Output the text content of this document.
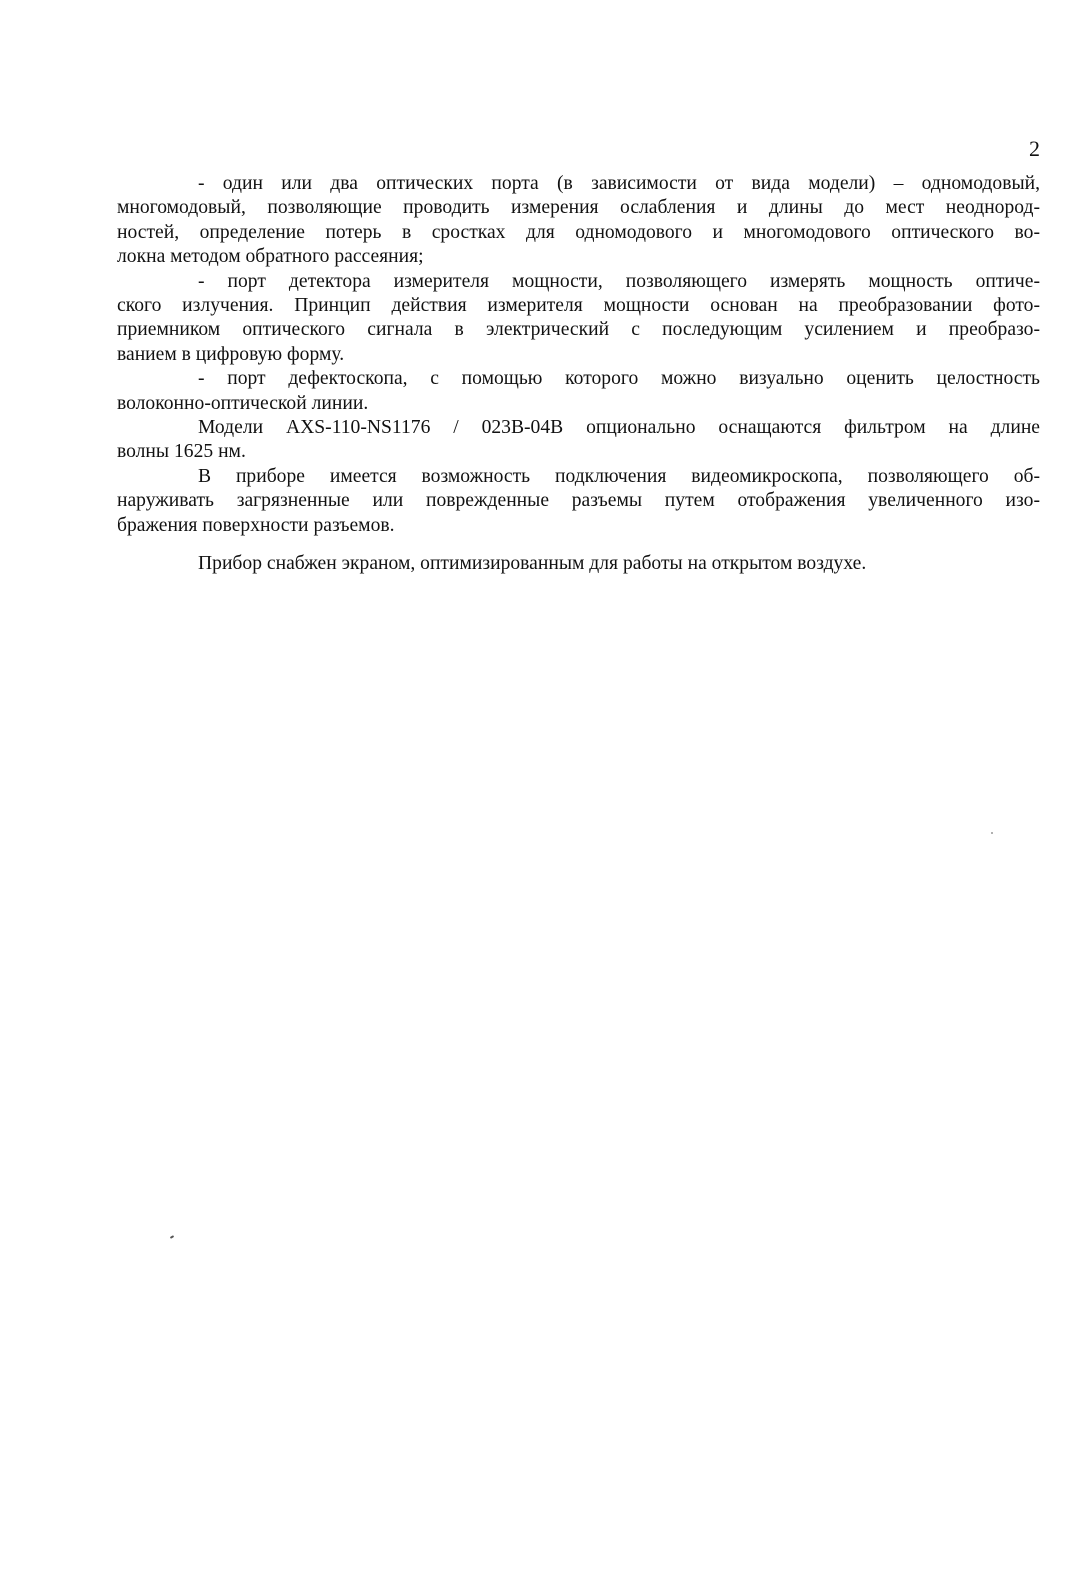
2
- один или два оптических порта (в зависимости от вида модели) – одномодовый,
многомодовый, позволяющие проводить измерения ослабления и длины до мест неоднород-
ностей, определение потерь в сростках для одномодового и многомодового оптического во-
локна методом обратного рассеяния;
- порт детектора измерителя мощности, позволяющего измерять мощность оптиче-
ского излучения. Принцип действия измерителя мощности основан на преобразовании фото-
приемником оптического сигнала в электрический с последующим усилением и преобразо-
ванием в цифровую форму.
- порт дефектоскопа, с помощью которого можно визуально оценить целостность
волоконно-оптической линии.
Модели AXS-110-NS1176 / 023B-04B опционально оснащаются фильтром на длине
волны 1625 нм.
В приборе имеется возможность подключения видеомикроскопа, позволяющего об-
наруживать загрязненные или поврежденные разъемы путем отображения увеличенного изо-
бражения поверхности разъемов.
Прибор снабжен экраном, оптимизированным для работы на открытом воздухе.
